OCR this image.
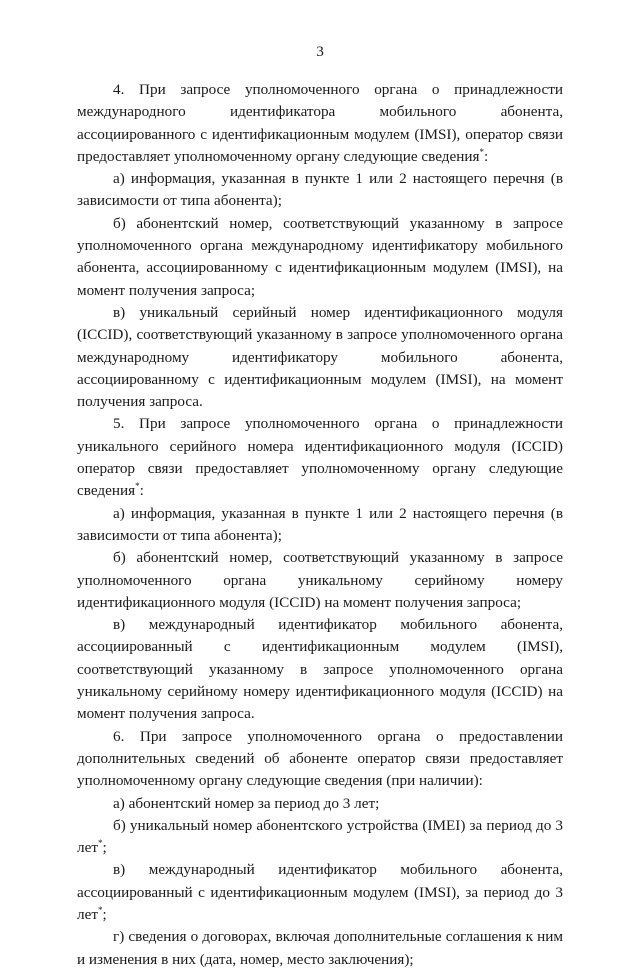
3

4. При запросе уполномоченного органа о принадлежности международного идентификатора мобильного абонента, ассоциированного с идентификационным модулем (IMSI), оператор связи предоставляет уполномоченному органу следующие сведения*:

а) информация, указанная в пункте 1 или 2 настоящего перечня (в зависимости от типа абонента);

б) абонентский номер, соответствующий указанному в запросе уполномоченного органа международному идентификатору мобильного абонента, ассоциированному с идентификационным модулем (IMSI), на момент получения запроса;

в) уникальный серийный номер идентификационного модуля (ICCID), соответствующий указанному в запросе уполномоченного органа международному идентификатору мобильного абонента, ассоциированному с идентификационным модулем (IMSI), на момент получения запроса.

5. При запросе уполномоченного органа о принадлежности уникального серийного номера идентификационного модуля (ICCID) оператор связи предоставляет уполномоченному органу следующие сведения*:

а) информация, указанная в пункте 1 или 2 настоящего перечня (в зависимости от типа абонента);

б) абонентский номер, соответствующий указанному в запросе уполномоченного органа уникальному серийному номеру идентификационного модуля (ICCID) на момент получения запроса;

в) международный идентификатор мобильного абонента, ассоциированный с идентификационным модулем (IMSI), соответствующий указанному в запросе уполномоченного органа уникальному серийному номеру идентификационного модуля (ICCID) на момент получения запроса.

6. При запросе уполномоченного органа о предоставлении дополнительных сведений об абоненте оператор связи предоставляет уполномоченному органу следующие сведения (при наличии):

а) абонентский номер за период до 3 лет;

б) уникальный номер абонентского устройства (IMEI) за период до 3 лет*;

в) международный идентификатор мобильного абонента, ассоциированный с идентификационным модулем (IMSI), за период до 3 лет*;

г) сведения о договорах, включая дополнительные соглашения к ним и изменения в них (дата, номер, место заключения);
